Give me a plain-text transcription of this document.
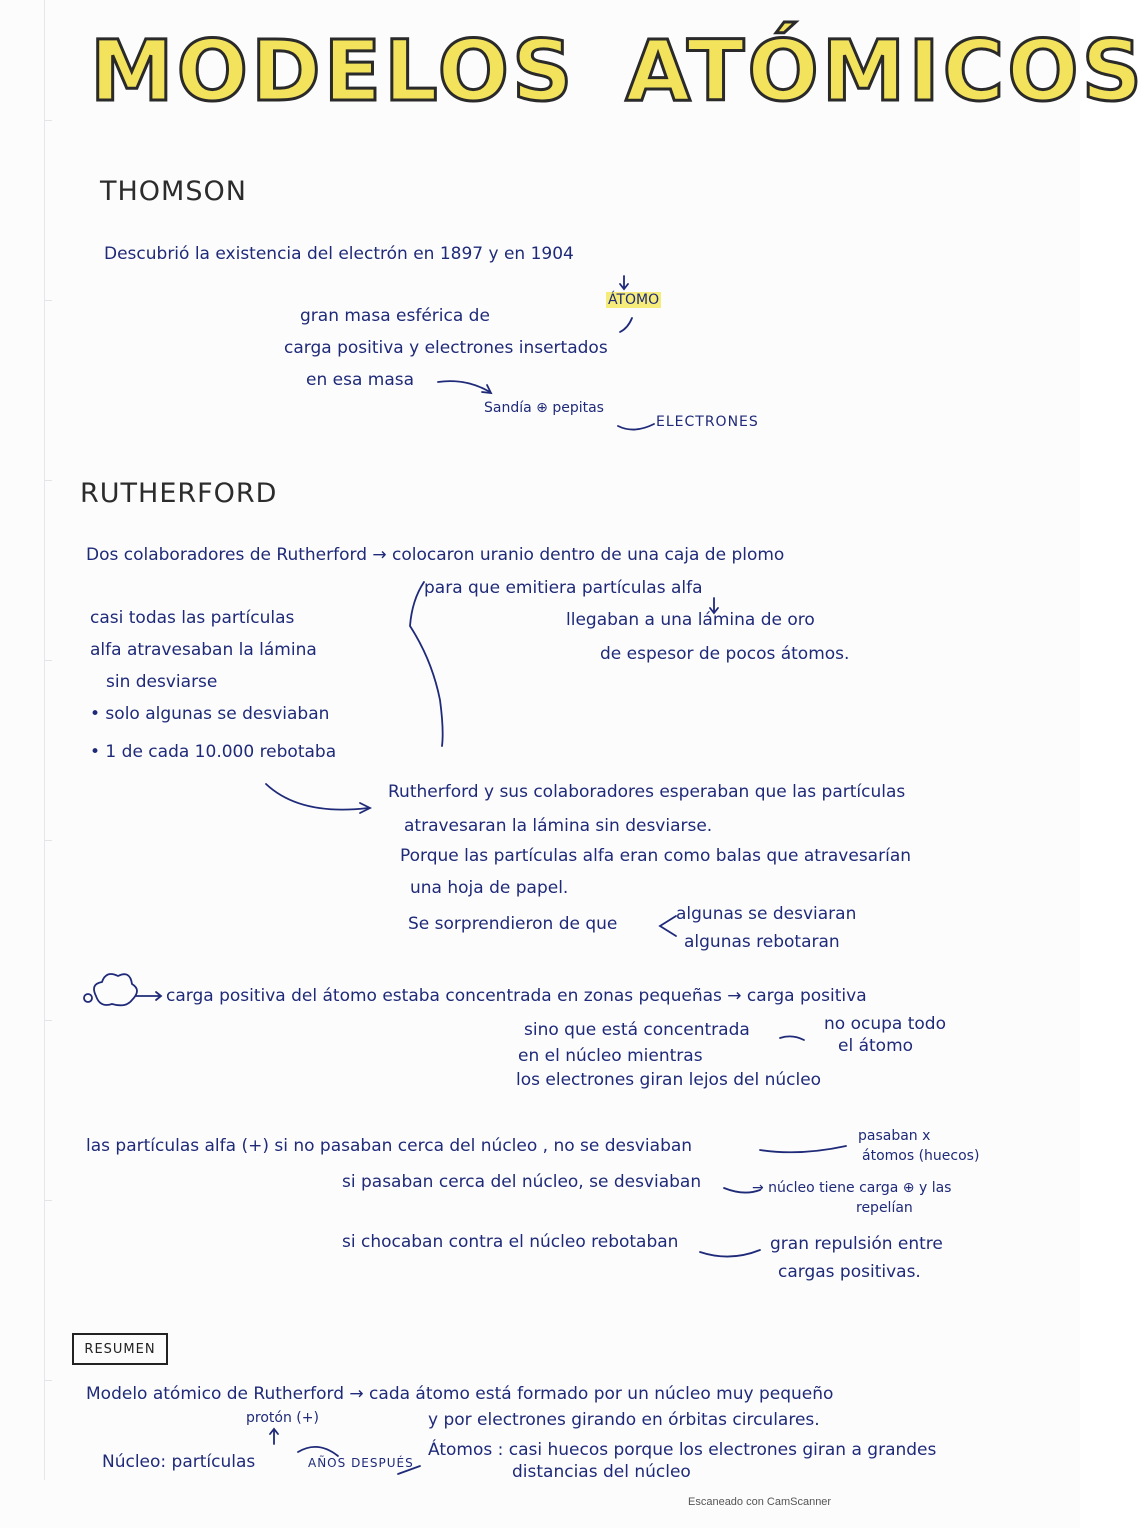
MODELOS ATÓMICOS
THOMSON
Descubrió la existencia del electrón en 1897 y en 1904
ÁTOMO
gran masa esférica de
carga positiva y electrones insertados
en esa masa
Sandía ⊕ pepitas
ELECTRONES
RUTHERFORD
Dos colaboradores de Rutherford → colocaron uranio dentro de una caja de plomo
para que emitiera partículas alfa
llegaban a una lámina de oro
de espesor de pocos átomos.
casi todas las partículas
alfa atravesaban la lámina
sin desviarse
• solo algunas se desviaban
• 1 de cada 10.000 rebotaba
Rutherford y sus colaboradores esperaban que las partículas
atravesaran la lámina sin desviarse.
Porque las partículas alfa eran como balas que atravesarían
una hoja de papel.
Se sorprendieron de que	algunas se desviaran
algunas rebotaran
carga positiva del átomo estaba concentrada en zonas pequeñas → carga positiva
sino que está concentrada
en el núcleo mientras
los electrones giran lejos del núcleo
no ocupa todo
el átomo
las partículas alfa (+) si no pasaban cerca del núcleo , no se desviaban	pasaban x
átomos (huecos)
si pasaban cerca del núcleo, se desviaban	→ núcleo tiene carga ⊕ y las
repelían
si chocaban contra el núcleo rebotaban	gran repulsión entre
cargas positivas.
RESUMEN
Modelo atómico de Rutherford → cada átomo está formado por un núcleo muy pequeño
protón (+)	y por electrones girando en órbitas circulares.
Núcleo: partículas	AÑOS DESPUÉS
Átomos : casi huecos porque los electrones giran a grandes
distancias del núcleo
Escaneado con CamScanner
